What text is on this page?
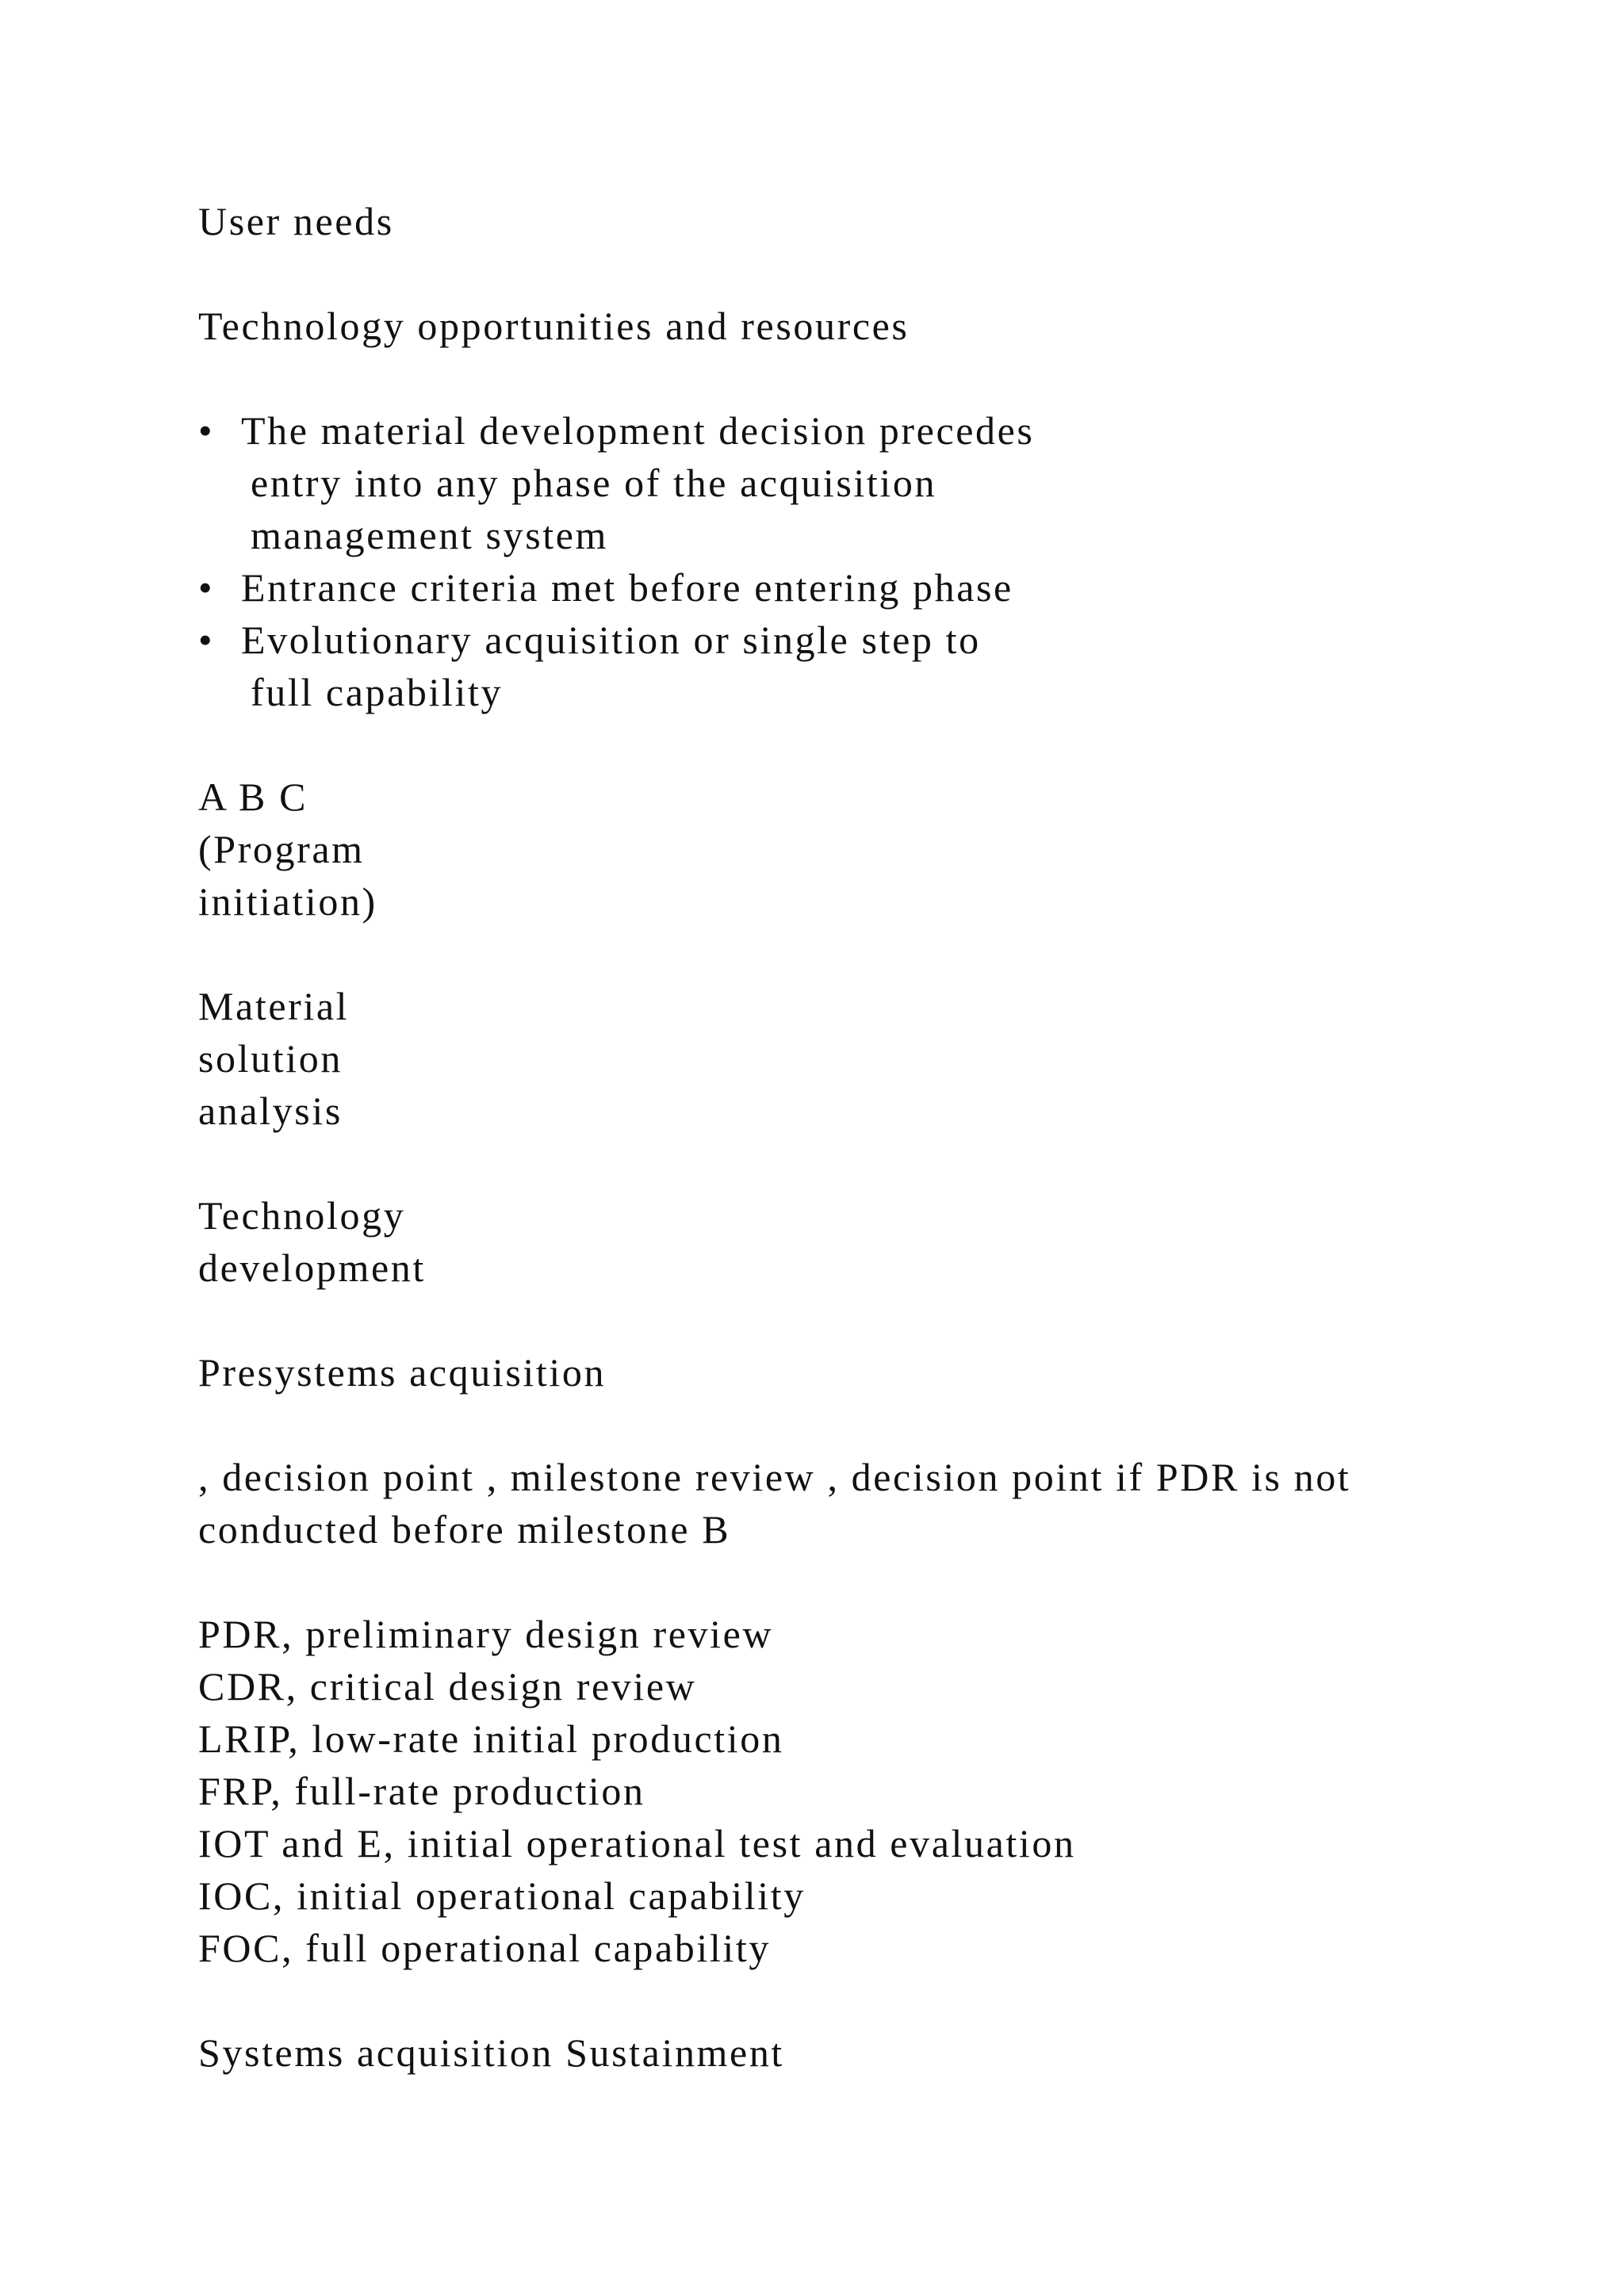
User needs
Technology opportunities and resources
• The material development decision precedes
entry into any phase of the acquisition
management system
• Entrance criteria met before entering phase
• Evolutionary acquisition or single step to
full capability
A B C
(Program
initiation)
Material
solution
analysis
Technology
development
Presystems acquisition
, decision point , milestone review , decision point if PDR is not
conducted before milestone B
PDR, preliminary design review
CDR, critical design review
LRIP, low-rate initial production
FRP, full-rate production
IOT and E, initial operational test and evaluation
IOC, initial operational capability
FOC, full operational capability
Systems acquisition Sustainment
